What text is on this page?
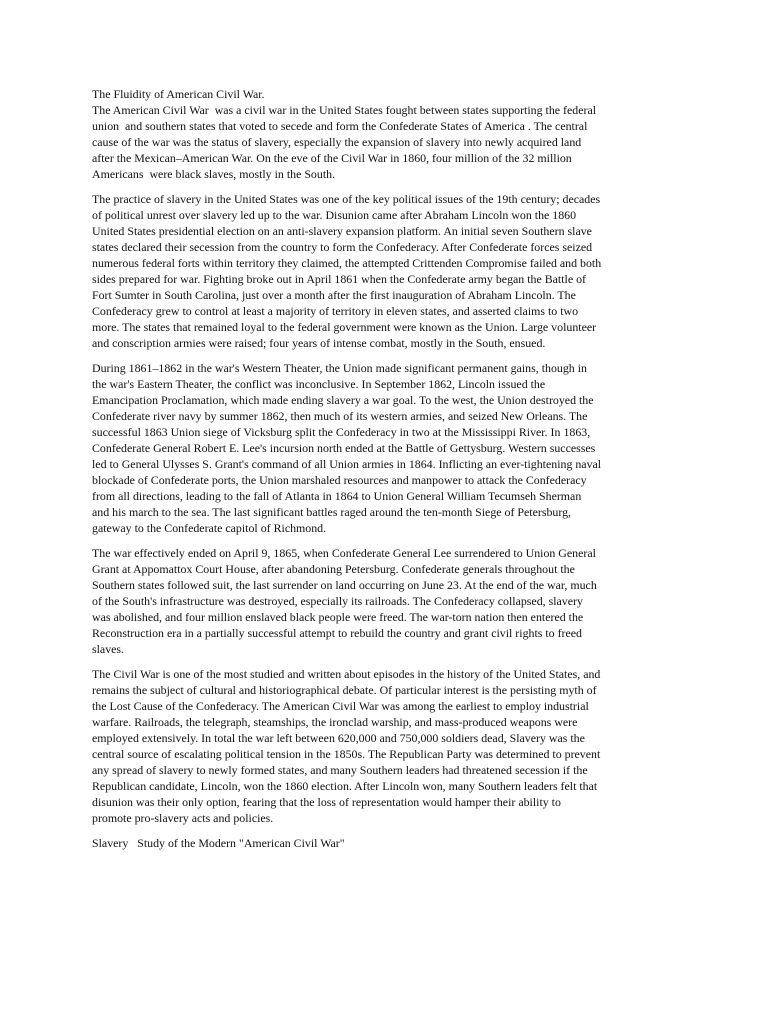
The Fluidity of American Civil War.
The American Civil War  was a civil war in the United States fought between states supporting the federal
union  and southern states that voted to secede and form the Confederate States of America . The central
cause of the war was the status of slavery, especially the expansion of slavery into newly acquired land
after the Mexican–American War. On the eve of the Civil War in 1860, four million of the 32 million
Americans  were black slaves, mostly in the South.
The practice of slavery in the United States was one of the key political issues of the 19th century; decades
of political unrest over slavery led up to the war. Disunion came after Abraham Lincoln won the 1860
United States presidential election on an anti-slavery expansion platform. An initial seven Southern slave
states declared their secession from the country to form the Confederacy. After Confederate forces seized
numerous federal forts within territory they claimed, the attempted Crittenden Compromise failed and both
sides prepared for war. Fighting broke out in April 1861 when the Confederate army began the Battle of
Fort Sumter in South Carolina, just over a month after the first inauguration of Abraham Lincoln. The
Confederacy grew to control at least a majority of territory in eleven states, and asserted claims to two
more. The states that remained loyal to the federal government were known as the Union. Large volunteer
and conscription armies were raised; four years of intense combat, mostly in the South, ensued.
During 1861–1862 in the war's Western Theater, the Union made significant permanent gains, though in
the war's Eastern Theater, the conflict was inconclusive. In September 1862, Lincoln issued the
Emancipation Proclamation, which made ending slavery a war goal. To the west, the Union destroyed the
Confederate river navy by summer 1862, then much of its western armies, and seized New Orleans. The
successful 1863 Union siege of Vicksburg split the Confederacy in two at the Mississippi River. In 1863,
Confederate General Robert E. Lee's incursion north ended at the Battle of Gettysburg. Western successes
led to General Ulysses S. Grant's command of all Union armies in 1864. Inflicting an ever-tightening naval
blockade of Confederate ports, the Union marshaled resources and manpower to attack the Confederacy
from all directions, leading to the fall of Atlanta in 1864 to Union General William Tecumseh Sherman
and his march to the sea. The last significant battles raged around the ten-month Siege of Petersburg,
gateway to the Confederate capitol of Richmond.
The war effectively ended on April 9, 1865, when Confederate General Lee surrendered to Union General
Grant at Appomattox Court House, after abandoning Petersburg. Confederate generals throughout the
Southern states followed suit, the last surrender on land occurring on June 23. At the end of the war, much
of the South's infrastructure was destroyed, especially its railroads. The Confederacy collapsed, slavery
was abolished, and four million enslaved black people were freed. The war-torn nation then entered the
Reconstruction era in a partially successful attempt to rebuild the country and grant civil rights to freed
slaves.
The Civil War is one of the most studied and written about episodes in the history of the United States, and
remains the subject of cultural and historiographical debate. Of particular interest is the persisting myth of
the Lost Cause of the Confederacy. The American Civil War was among the earliest to employ industrial
warfare. Railroads, the telegraph, steamships, the ironclad warship, and mass-produced weapons were
employed extensively. In total the war left between 620,000 and 750,000 soldiers dead, Slavery was the
central source of escalating political tension in the 1850s. The Republican Party was determined to prevent
any spread of slavery to newly formed states, and many Southern leaders had threatened secession if the
Republican candidate, Lincoln, won the 1860 election. After Lincoln won, many Southern leaders felt that
disunion was their only option, fearing that the loss of representation would hamper their ability to
promote pro-slavery acts and policies.
Slavery   Study of the Modern "American Civil War"
